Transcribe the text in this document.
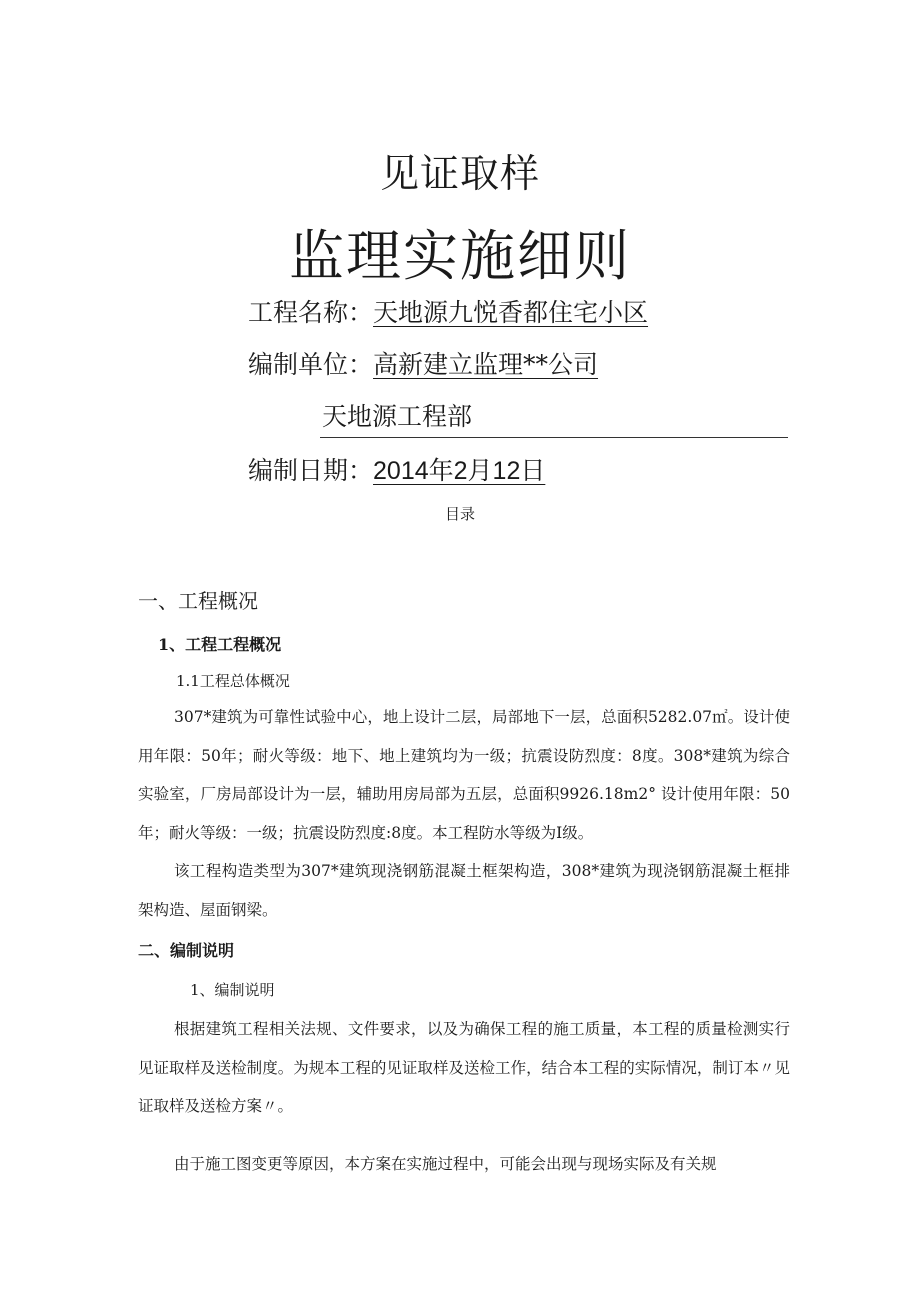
见证取样
监理实施细则
工程名称：天地源九悦香都住宅小区
编制单位：高新建立监理**公司
天地源工程部
编制日期：2014年2月12日
目录
一、工程概况
1、工程工程概况
1.1工程总体概况
307*建筑为可靠性试验中心，地上设计二层，局部地下一层，总面积5282.07㎡。设计使用年限：50年；耐火等级：地下、地上建筑均为一级；抗震设防烈度：8度。308*建筑为综合实验室，厂房局部设计为一层，辅助用房局部为五层，总面积9926.18m2° 设计使用年限：50年；耐火等级：一级；抗震设防烈度:8度。本工程防水等级为Ⅰ级。
该工程构造类型为307*建筑现浇钢筋混凝土框架构造，308*建筑为现浇钢筋混凝土框排架构造、屋面钢梁。
二、编制说明
1、编制说明
根据建筑工程相关法规、文件要求，以及为确保工程的施工质量，本工程的质量检测实行见证取样及送检制度。为规本工程的见证取样及送检工作，结合本工程的实际情况，制订本〃见证取样及送检方案〃。
由于施工图变更等原因，本方案在实施过程中，可能会出现与现场实际及有关规
